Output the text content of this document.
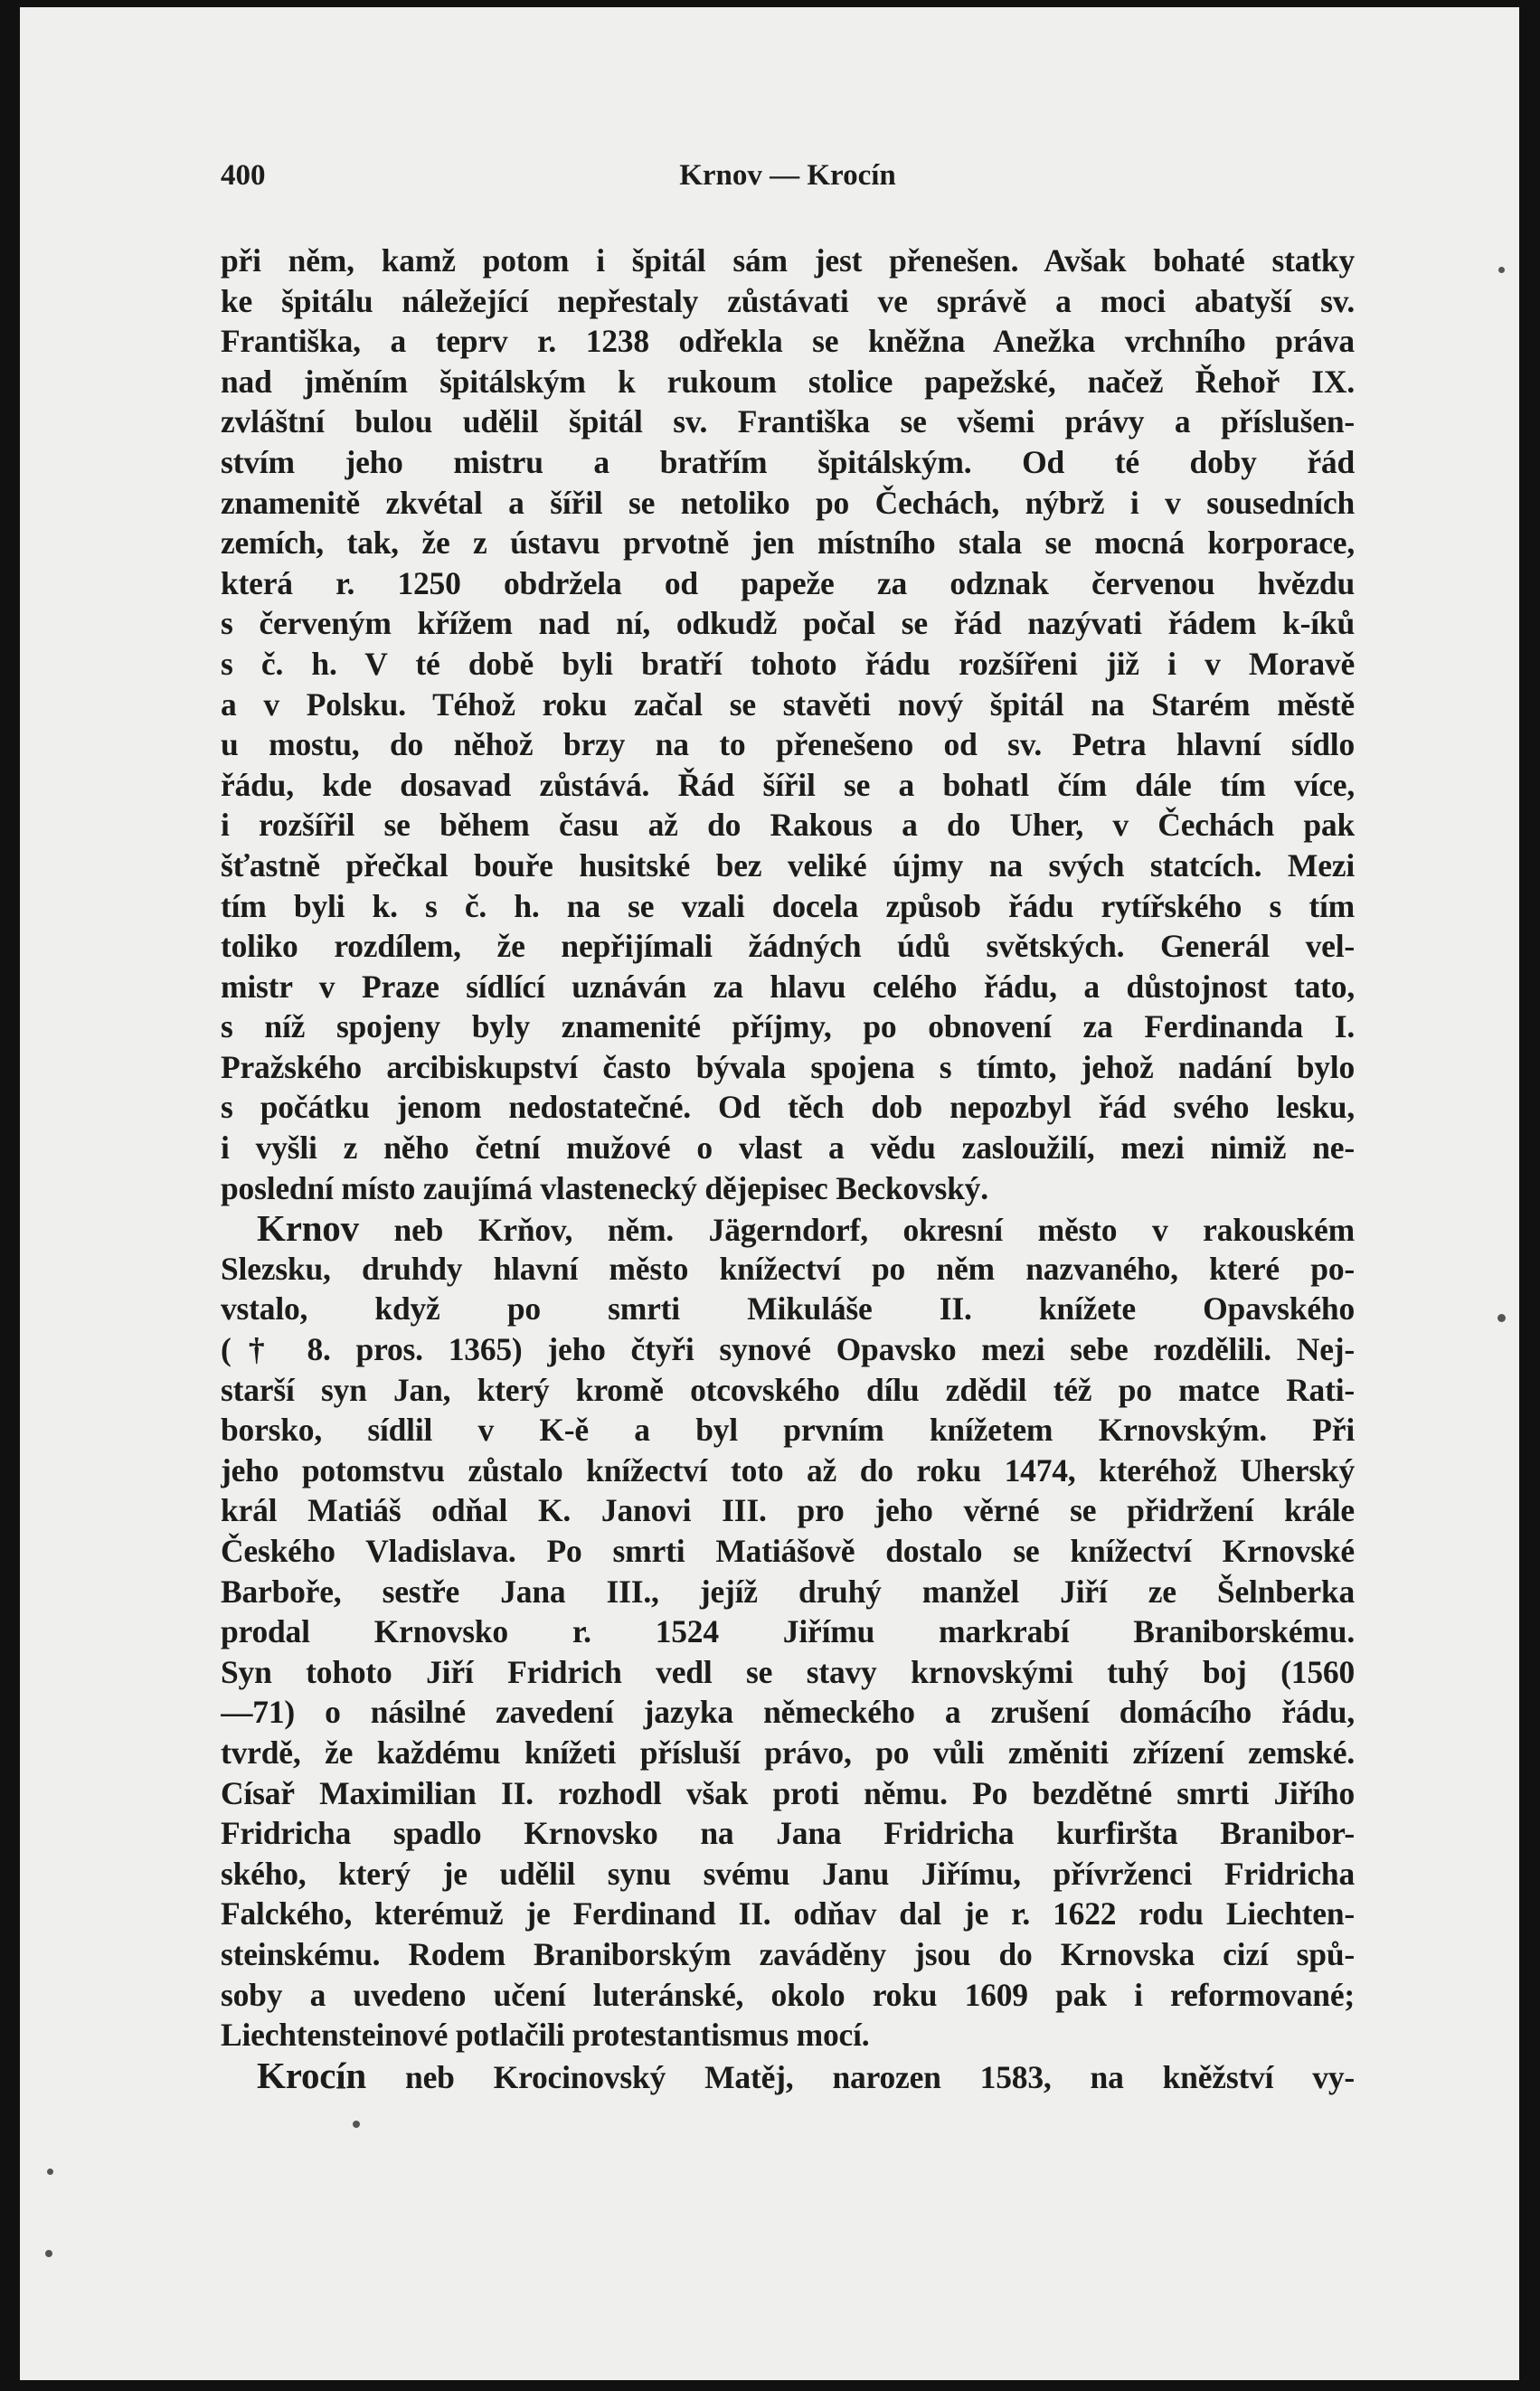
400	Krnov — Krocín
při něm, kamž potom i špitál sám jest přenešen. Avšak bohaté statky
ke špitálu náležející nepřestaly zůstávati ve správě a moci abatyší sv.
Františka, a teprv r. 1238 odřekla se kněžna Anežka vrchního práva
nad jměním špitálským k rukoum stolice papežské, načež Řehoř IX.
zvláštní bulou udělil špitál sv. Františka se všemi právy a příslušen-
stvím jeho mistru a bratřím špitálským. Od té doby řád
znamenitě zkvétal a šířil se netoliko po Čechách, nýbrž i v sousedních
zemích, tak, že z ústavu prvotně jen místního stala se mocná korporace,
která r. 1250 obdržela od papeže za odznak červenou hvězdu
s červeným křížem nad ní, odkudž počal se řád nazývati řádem k-íků
s č. h. V té době byli bratří tohoto řádu rozšířeni již i v Moravě
a v Polsku. Téhož roku začal se stavěti nový špitál na Starém městě
u mostu, do něhož brzy na to přenešeno od sv. Petra hlavní sídlo
řádu, kde dosavad zůstává. Řád šířil se a bohatl čím dále tím více,
i rozšířil se během času až do Rakous a do Uher, v Čechách pak
šťastně přečkal bouře husitské bez veliké újmy na svých statcích. Mezi
tím byli k. s č. h. na se vzali docela způsob řádu rytířského s tím
toliko rozdílem, že nepřijímali žádných údů světských. Generál vel-
mistr v Praze sídlící uznáván za hlavu celého řádu, a důstojnost tato,
s níž spojeny byly znamenité příjmy, po obnovení za Ferdinanda I.
Pražského arcibiskupství často bývala spojena s tímto, jehož nadání bylo
s počátku jenom nedostatečné. Od těch dob nepozbyl řád svého lesku,
i vyšli z něho četní mužové o vlast a vědu zasloužilí, mezi nimiž ne-
poslední místo zaujímá vlastenecký dějepisec Beckovský.
Krnov neb Krňov, něm. Jägerndorf, okresní město v rakouském
Slezsku, druhdy hlavní město knížectví po něm nazvaného, které po-
vstalo, když po smrti Mikuláše II. knížete Opavského
(† 8. pros. 1365) jeho čtyři synové Opavsko mezi sebe rozdělili. Nej-
starší syn Jan, který kromě otcovského dílu zdědil též po matce Rati-
borsko, sídlil v K-ě a byl prvním knížetem Krnovským. Při
jeho potomstvu zůstalo knížectví toto až do roku 1474, kteréhož Uherský
král Matiáš odňal K. Janovi III. pro jeho věrné se přidržení krále
Českého Vladislava. Po smrti Matiášově dostalo se knížectví Krnovské
Barboře, sestře Jana III., jejíž druhý manžel Jiří ze Šelnberka
prodal Krnovsko r. 1524 Jiřímu markrabí Braniborskému.
Syn tohoto Jiří Fridrich vedl se stavy krnovskými tuhý boj (1560
—71) o násilné zavedení jazyka německého a zrušení domácího řádu,
tvrdě, že každému knížeti přísluší právo, po vůli změniti zřízení zemské.
Císař Maximilian II. rozhodl však proti němu. Po bezdětné smrti Jiřího
Fridricha spadlo Krnovsko na Jana Fridricha kurfiršta Branibor-
ského, který je udělil synu svému Janu Jiřímu, přívrženci Fridricha
Falckého, kterémuž je Ferdinand II. odňav dal je r. 1622 rodu Liechten-
steinskému. Rodem Braniborským zaváděny jsou do Krnovska cizí spů-
soby a uvedeno učení luteránské, okolo roku 1609 pak i reformované;
Liechtensteinové potlačili protestantismus mocí.
Krocín neb Krocinovský Matěj, narozen 1583, na kněžství vy-
